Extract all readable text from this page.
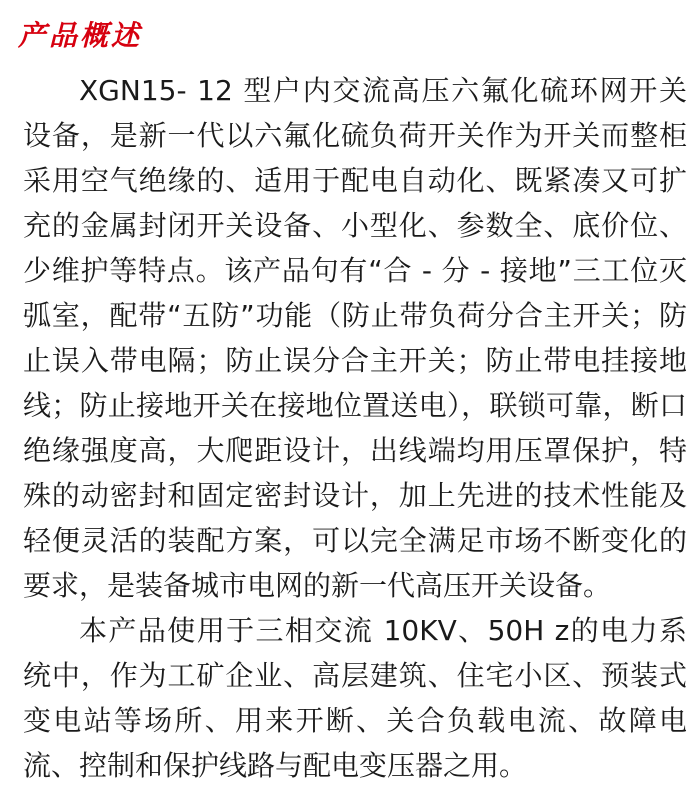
产品概述

XGN15- 12 型户内交流高压六氟化硫环网开关设备，是新一代以六氟化硫负荷开关作为开关而整柜采用空气绝缘的、适用于配电自动化、既紧凑又可扩充的金属封闭开关设备、小型化、参数全、底价位、少维护等特点。该产品句有“合 - 分 - 接地”三工位灭弧室，配带“五防”功能（防止带负荷分合主开关；防止误入带电隔；防止误分合主开关；防止带电挂接地线；防止接地开关在接地位置送电），联锁可靠，断口绝缘强度高，大爬距设计，出线端均用压罩保护，特殊的动密封和固定密封设计，加上先进的技术性能及轻便灵活的装配方案，可以完全满足市场不断变化的要求，是装备城市电网的新一代高压开关设备。

本产品使用于三相交流 10KV、50H z的电力系统中，作为工矿企业、高层建筑、住宅小区、预装式变电站等场所、用来开断、关合负载电流、故障电流、控制和保护线路与配电变压器之用。
